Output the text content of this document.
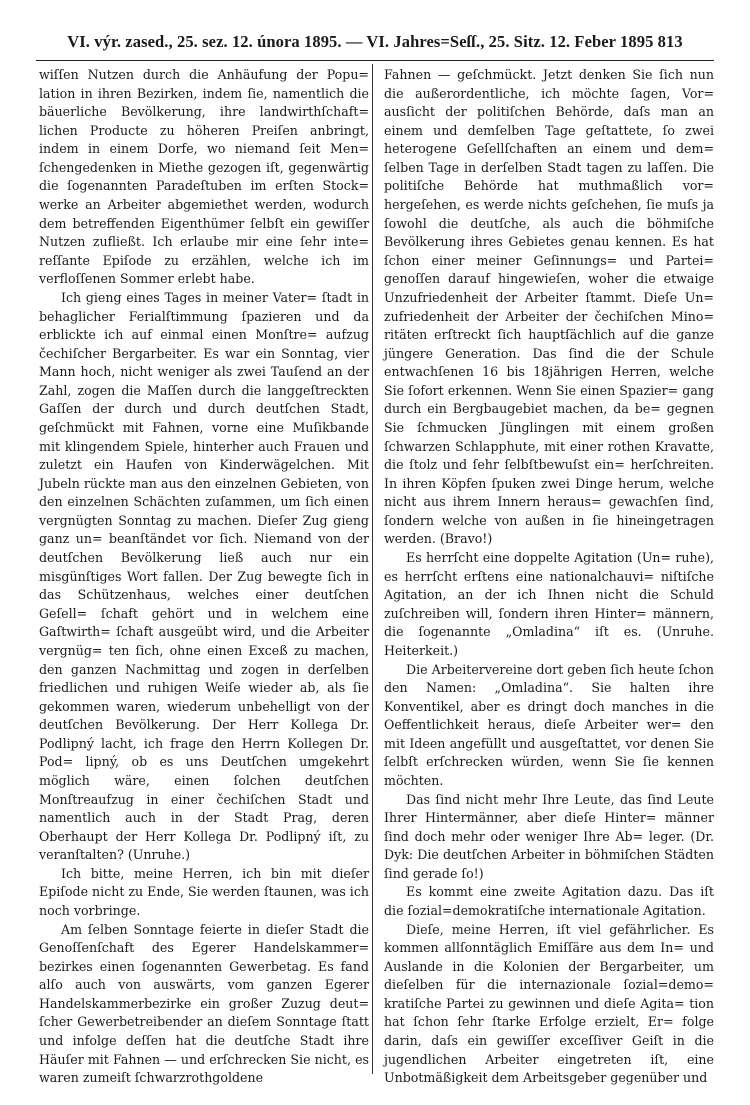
VI. výr. zased., 25. sez. 12. února 1895. — VI. Jahres=Seſſ., 25. Sitz. 12. Feber 1895 813

wiſſen Nutzen durch die Anhäufung der Popu= lation in ihren Bezirken, indem ſie, namentlich die bäuerliche Bevölkerung, ihre landwirthſchaft= lichen Producte zu höheren Preiſen anbringt, indem in einem Dorfe, wo niemand ſeit Men= ſchengedenken in Miethe gezogen iſt, gegenwärtig die ſogenannten Paradeſtuben im erſten Stock= werke an Arbeiter abgemiethet werden, wodurch dem betreffenden Eigenthümer ſelbſt ein gewiſſer Nutzen zufließt. Ich erlaube mir eine ſehr inte= reſſante Epiſode zu erzählen, welche ich im verfloſſenen Sommer erlebt habe.

Ich gieng eines Tages in meiner Vater= ſtadt in behaglicher Ferialſtimmung ſpazieren und da erblickte ich auf einmal einen Monſtre= aufzug čechiſcher Bergarbeiter. Es war ein Sonntag, vier Mann hoch, nicht weniger als zwei Tauſend an der Zahl, zogen die Maſſen durch die langgeſtreckten Gaſſen der durch und durch deutſchen Stadt, geſchmückt mit Fahnen, vorne eine Muſikbande mit klingendem Spiele, hinterher auch Frauen und zuletzt ein Haufen von Kinderwägelchen. Mit Jubeln rückte man aus den einzelnen Gebieten, von den einzelnen Schächten zuſammen, um ſich einen vergnügten Sonntag zu machen. Dieſer Zug gieng ganz un= beanſtändet vor ſich. Niemand von der deutſchen Bevölkerung ließ auch nur ein misgünſtiges Wort fallen. Der Zug bewegte ſich in das Schützenhaus, welches einer deutſchen Geſell= ſchaft gehört und in welchem eine Gaſtwirth= ſchaft ausgeübt wird, und die Arbeiter vergnüg= ten ſich, ohne einen Exceß zu machen, den ganzen Nachmittag und zogen in derſelben friedlichen und ruhigen Weiſe wieder ab, als ſie gekommen waren, wiederum unbehelligt von der deutſchen Bevölkerung. Der Herr Kollega Dr. Podlipný lacht, ich frage den Herrn Kollegen Dr. Pod= lipný, ob es uns Deutſchen umgekehrt möglich wäre, einen ſolchen deutſchen Monſtreaufzug in einer čechiſchen Stadt und namentlich auch in der Stadt Prag, deren Oberhaupt der Herr Kollega Dr. Podlipný iſt, zu veranſtalten? (Unruhe.)

Ich bitte, meine Herren, ich bin mit dieſer Epiſode nicht zu Ende, Sie werden ſtaunen, was ich noch vorbringe.

Am ſelben Sonntage feierte in dieſer Stadt die Genoſſenſchaft des Egerer Handelskammer= bezirkes einen ſogenannten Gewerbetag. Es fand alſo auch von auswärts, vom ganzen Egerer Handelskammerbezirke ein großer Zuzug deut= ſcher Gewerbetreibender an dieſem Sonntage ſtatt und infolge deſſen hat die deutſche Stadt ihre Häuſer mit Fahnen — und erſchrecken Sie nicht, es waren zumeiſt ſchwarzrothgoldene

Fahnen — geſchmückt. Jetzt denken Sie ſich nun die außerordentliche, ich möchte ſagen, Vor= ausſicht der politiſchen Behörde, daſs man an einem und demſelben Tage geſtattete, ſo zwei heterogene Geſellſchaften an einem und dem= ſelben Tage in derſelben Stadt tagen zu laſſen. Die politiſche Behörde hat muthmaßlich vor= hergeſehen, es werde nichts geſchehen, ſie muſs ja ſowohl die deutſche, als auch die böhmiſche Bevölkerung ihres Gebietes genau kennen. Es hat ſchon einer meiner Geſinnungs= und Partei= genoſſen darauf hingewieſen, woher die etwaige Unzufriedenheit der Arbeiter ſtammt. Dieſe Un= zufriedenheit der Arbeiter der čechiſchen Mino= ritäten erſtreckt ſich hauptſächlich auf die ganze jüngere Generation. Das ſind die der Schule entwachſenen 16 bis 18jährigen Herren, welche Sie ſofort erkennen. Wenn Sie einen Spazier= gang durch ein Bergbaugebiet machen, da be= gegnen Sie ſchmucken Jünglingen mit einem großen ſchwarzen Schlapphute, mit einer rothen Kravatte, die ſtolz und ſehr ſelbſtbewuſst ein= herſchreiten. In ihren Köpfen ſpuken zwei Dinge herum, welche nicht aus ihrem Innern heraus= gewachſen ſind, ſondern welche von außen in ſie hineingetragen werden. (Bravo!)

Es herrſcht eine doppelte Agitation (Un= ruhe), es herrſcht erſtens eine nationalchauvi= niſtiſche Agitation, an der ich Ihnen nicht die Schuld zuſchreiben will, ſondern ihren Hinter= männern, die ſogenannte „Omladina“ iſt es. (Unruhe. Heiterkeit.)

Die Arbeitervereine dort geben ſich heute ſchon den Namen: „Omladina“. Sie halten ihre Konventikel, aber es dringt doch manches in die Oeffentlichkeit heraus, dieſe Arbeiter wer= den mit Ideen angefüllt und ausgeſtattet, vor denen Sie ſelbſt erſchrecken würden, wenn Sie ſie kennen möchten.

Das ſind nicht mehr Ihre Leute, das ſind Leute Ihrer Hintermänner, aber dieſe Hinter= männer ſind doch mehr oder weniger Ihre Ab= leger. (Dr. Dyk: Die deutſchen Arbeiter in böhmiſchen Städten ſind gerade ſo!)

Es kommt eine zweite Agitation dazu. Das iſt die ſozial=demokratiſche internationale Agitation.

Dieſe, meine Herren, iſt viel gefährlicher. Es kommen allſonntäglich Emiſſäre aus dem In= und Auslande in die Kolonien der Bergarbeiter, um dieſelben für die internazionale ſozial=demo= kratiſche Partei zu gewinnen und dieſe Agita= tion hat ſchon ſehr ſtarke Erfolge erzielt, Er= folge darin, daſs ein gewiſſer exceſſiver Geiſt in die jugendlichen Arbeiter eingetreten iſt, eine Unbotmäßigkeit dem Arbeitsgeber gegenüber und
